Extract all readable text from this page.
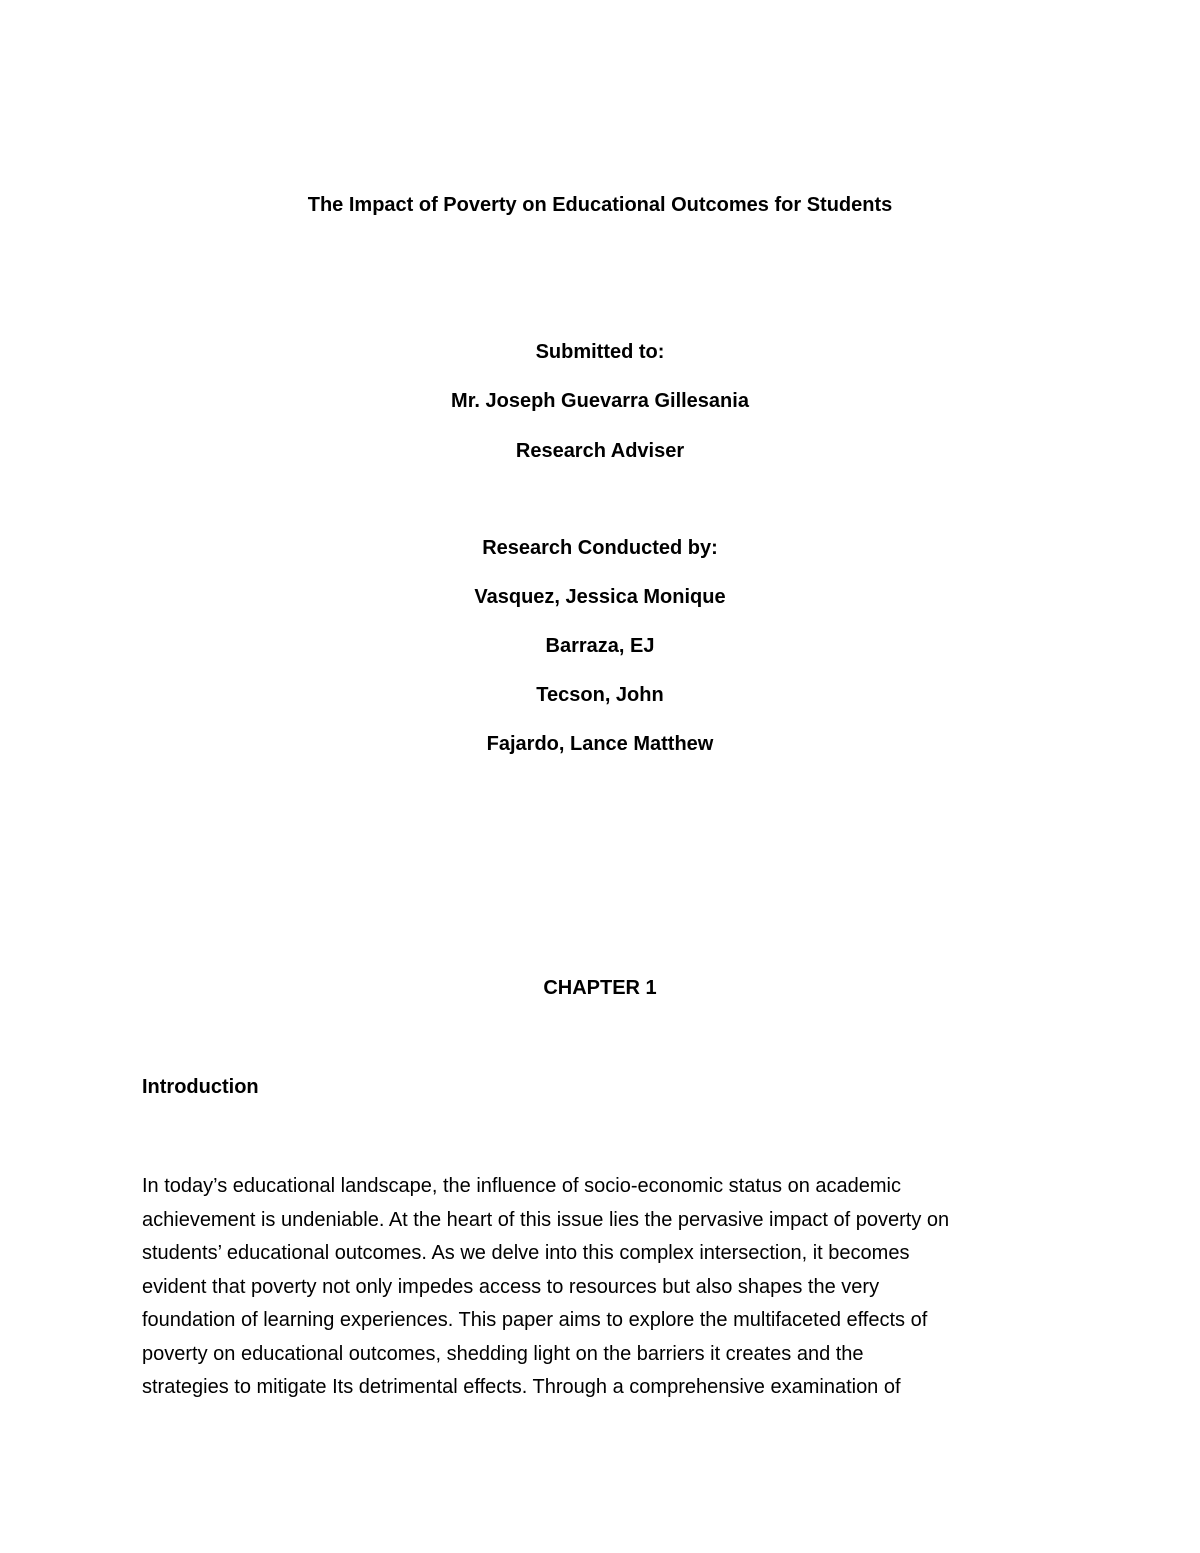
The Impact of Poverty on Educational Outcomes for Students
Submitted to:
Mr. Joseph Guevarra Gillesania
Research Adviser
Research Conducted by:
Vasquez, Jessica Monique
Barraza, EJ
Tecson, John
Fajardo, Lance Matthew
CHAPTER 1
Introduction
In today’s educational landscape, the influence of socio-economic status on academic
achievement is undeniable. At the heart of this issue lies the pervasive impact of poverty on
students’ educational outcomes. As we delve into this complex intersection, it becomes
evident that poverty not only impedes access to resources but also shapes the very
foundation of learning experiences. This paper aims to explore the multifaceted effects of
poverty on educational outcomes, shedding light on the barriers it creates and the
strategies to mitigate Its detrimental effects. Through a comprehensive examination of
